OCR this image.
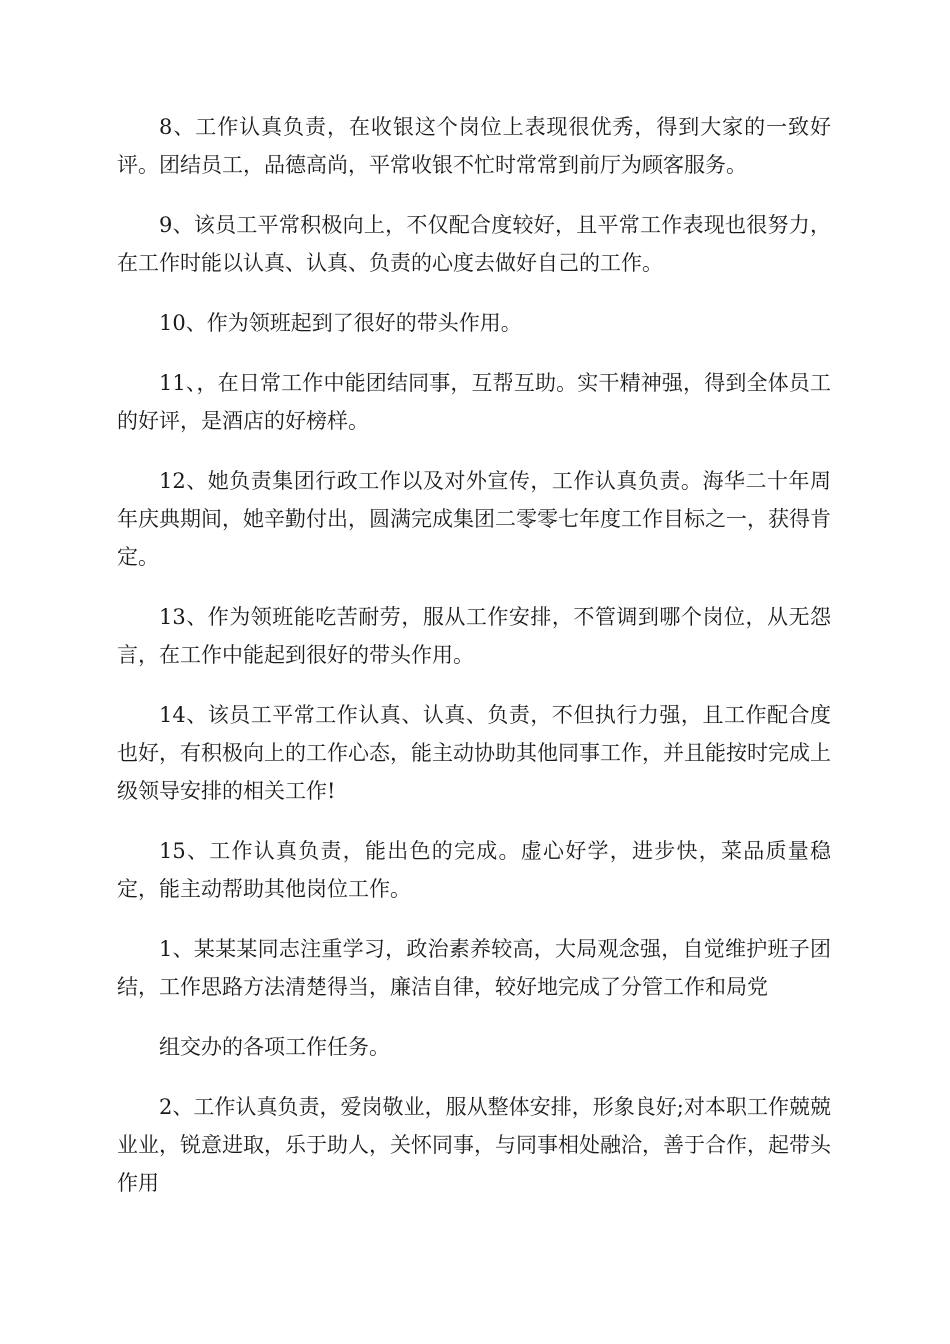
8、工作认真负责，在收银这个岗位上表现很优秀，得到大家的一致好评。团结员工，品德高尚，平常收银不忙时常常到前厅为顾客服务。

9、该员工平常积极向上，不仅配合度较好，且平常工作表现也很努力，在工作时能以认真、认真、负责的心度去做好自己的工作。

10、作为领班起到了很好的带头作用。

11、，在日常工作中能团结同事，互帮互助。实干精神强，得到全体员工的好评，是酒店的好榜样。

12、她负责集团行政工作以及对外宣传，工作认真负责。海华二十年周年庆典期间，她辛勤付出，圆满完成集团二零零七年度工作目标之一，获得肯定。

13、作为领班能吃苦耐劳，服从工作安排，不管调到哪个岗位，从无怨言，在工作中能起到很好的带头作用。

14、该员工平常工作认真、认真、负责，不但执行力强，且工作配合度也好，有积极向上的工作心态，能主动协助其他同事工作，并且能按时完成上级领导安排的相关工作!

15、工作认真负责，能出色的完成。虚心好学，进步快，菜品质量稳定，能主动帮助其他岗位工作。

1、某某某同志注重学习，政治素养较高，大局观念强，自觉维护班子团结，工作思路方法清楚得当，廉洁自律，较好地完成了分管工作和局党

组交办的各项工作任务。

2、工作认真负责，爱岗敬业，服从整体安排，形象良好;对本职工作兢兢业业，锐意进取，乐于助人，关怀同事，与同事相处融洽，善于合作，起带头作用
